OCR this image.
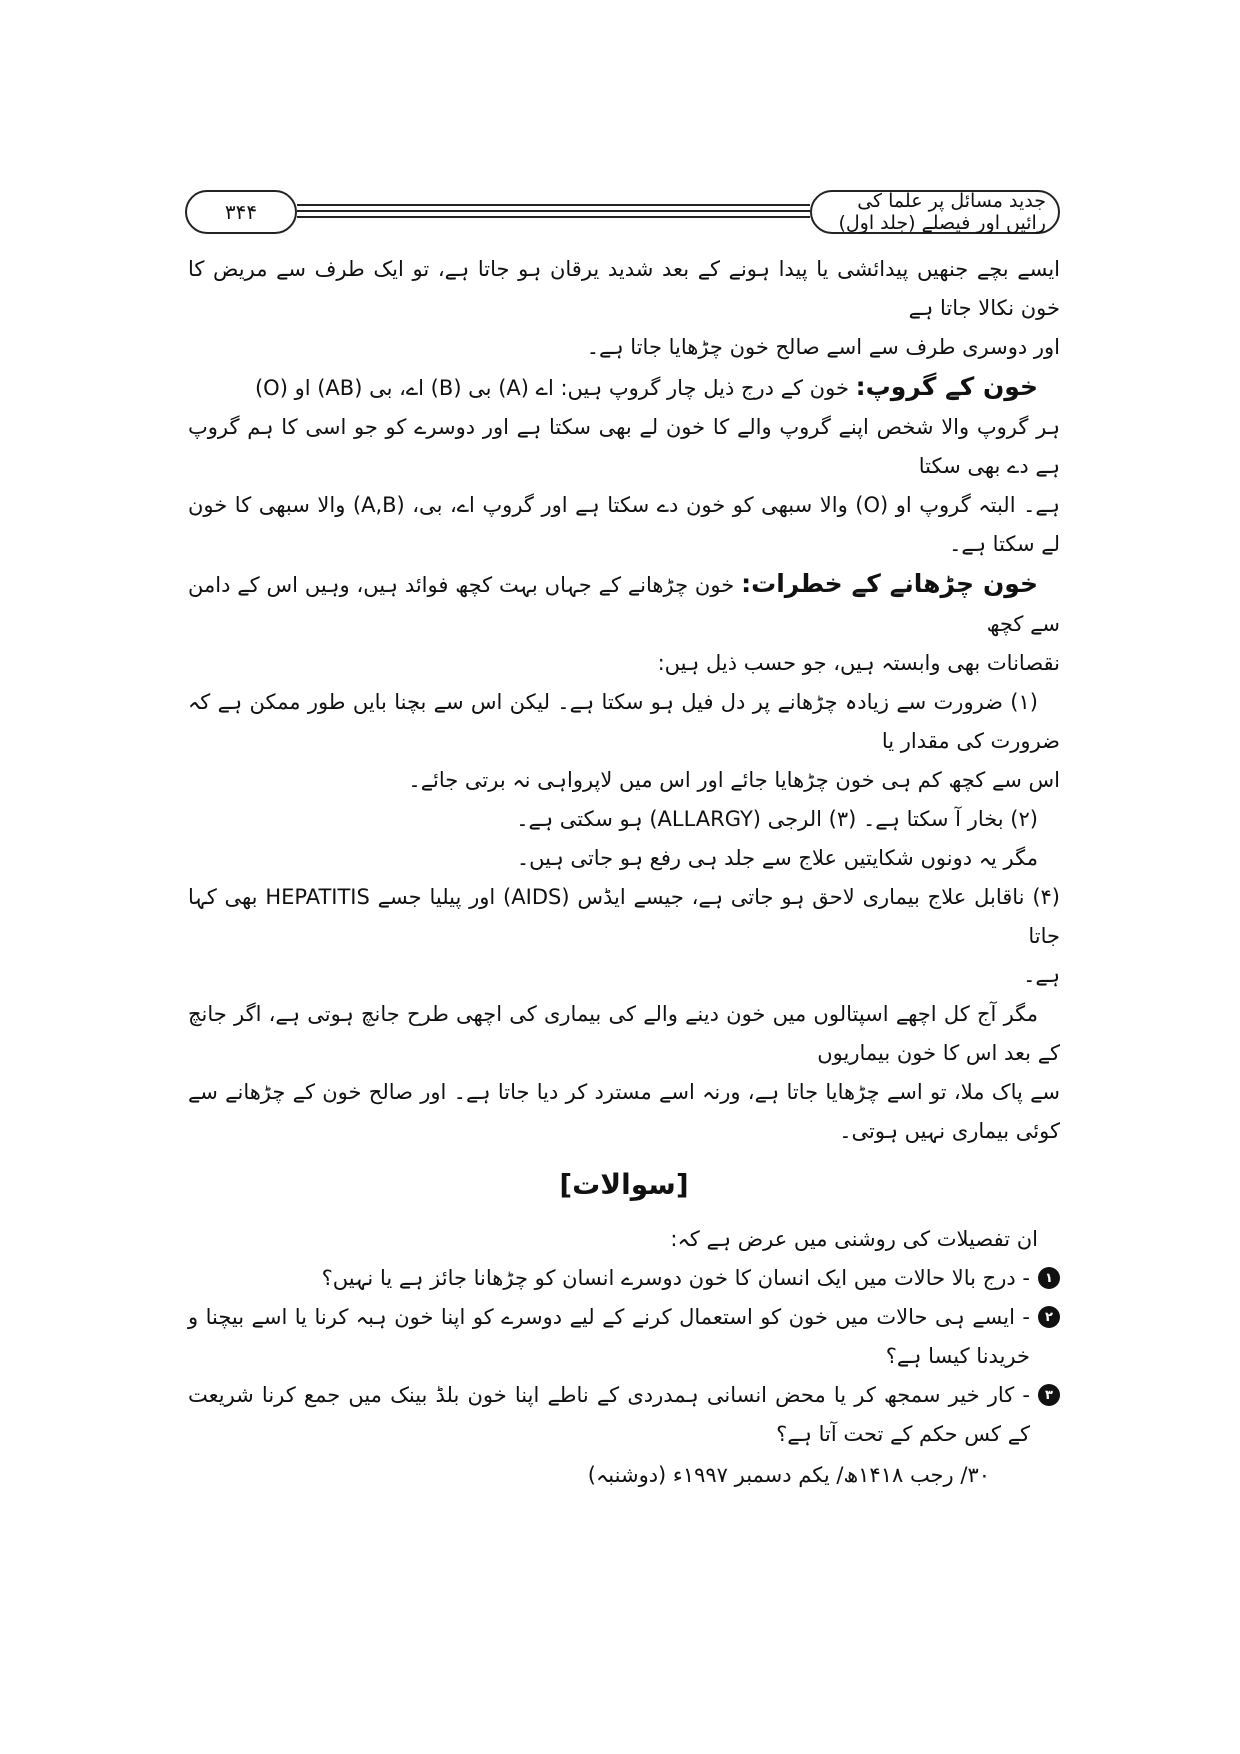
۳۴۴	جدید مسائل پر علما کی رائیں اور فیصلے (جلد اول)

ایسے بچے جنھیں پیدائشی یا پیدا ہونے کے بعد شدید یرقان ہو جاتا ہے، تو ایک طرف سے مریض کا خون نکالا جاتا ہے

اور دوسری طرف سے اسے صالح خون چڑھایا جاتا ہے۔

خون کے گروپ: خون کے درج ذیل چار گروپ ہیں: اے (A) بی (B) اے، بی (AB) او (O)

ہر گروپ والا شخص اپنے گروپ والے کا خون لے بھی سکتا ہے اور دوسرے کو جو اسی کا ہم گروپ ہے دے بھی سکتا

ہے۔ البتہ گروپ او (O) والا سبھی کو خون دے سکتا ہے اور گروپ اے، بی، (A,B) والا سبھی کا خون لے سکتا ہے۔

خون چڑھانے کے خطرات: خون چڑھانے کے جہاں بہت کچھ فوائد ہیں، وہیں اس کے دامن سے کچھ

نقصانات بھی وابستہ ہیں، جو حسب ذیل ہیں:

(۱) ضرورت سے زیادہ چڑھانے پر دل فیل ہو سکتا ہے۔ لیکن اس سے بچنا بایں طور ممکن ہے کہ ضرورت کی مقدار یا

اس سے کچھ کم ہی خون چڑھایا جائے اور اس میں لاپرواہی نہ برتی جائے۔

(۲) بخار آ سکتا ہے۔ (۳) الرجی (ALLARGY) ہو سکتی ہے۔

مگر یہ دونوں شکایتیں علاج سے جلد ہی رفع ہو جاتی ہیں۔

(۴) ناقابل علاج بیماری لاحق ہو جاتی ہے، جیسے ایڈس (AIDS) اور پیلیا جسے HEPATITIS بھی کہا جاتا

ہے۔

مگر آج کل اچھے اسپتالوں میں خون دینے والے کی بیماری کی اچھی طرح جانچ ہوتی ہے، اگر جانچ کے بعد اس کا خون بیماریوں

سے پاک ملا، تو اسے چڑھایا جاتا ہے، ورنہ اسے مسترد کر دیا جاتا ہے۔ اور صالح خون کے چڑھانے سے کوئی بیماری نہیں ہوتی۔

[سوالات]

ان تفصیلات کی روشنی میں عرض ہے کہ:

۱
- درج بالا حالات میں ایک انسان کا خون دوسرے انسان کو چڑھانا جائز ہے یا نہیں؟
۲
- ایسے ہی حالات میں خون کو استعمال کرنے کے لیے دوسرے کو اپنا خون ہبہ کرنا یا اسے بیچنا و خریدنا کیسا ہے؟
۳
- کار خیر سمجھ کر یا محض انسانی ہمدردی کے ناطے اپنا خون بلڈ بینک میں جمع کرنا شریعت کے کس حکم کے تحت آتا ہے؟

۳۰/ رجب ۱۴۱۸ھ/ یکم دسمبر ۱۹۹۷ء (دوشنبہ)
